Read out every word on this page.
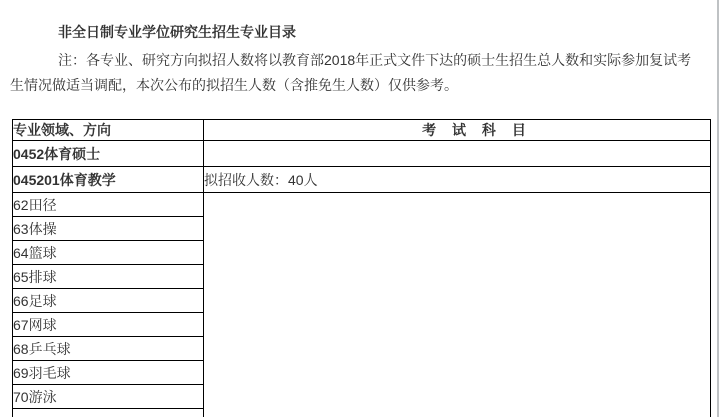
非全日制专业学位研究生招生专业目录

注：各专业、研究方向拟招人数将以教育部2018年正式文件下达的硕士生招生总人数和实际参加复试考生情况做适当调配，本次公布的拟招生人数（含推免生人数）仅供参考。

专业领域、方向	考 试 科 目
0452体育硕士	
045201体育教学	拟招收人数：40人
62田径	
63体操	
64篮球	
65排球	
66足球	
67网球	
68乒乓球	
69羽毛球	
70游泳	
